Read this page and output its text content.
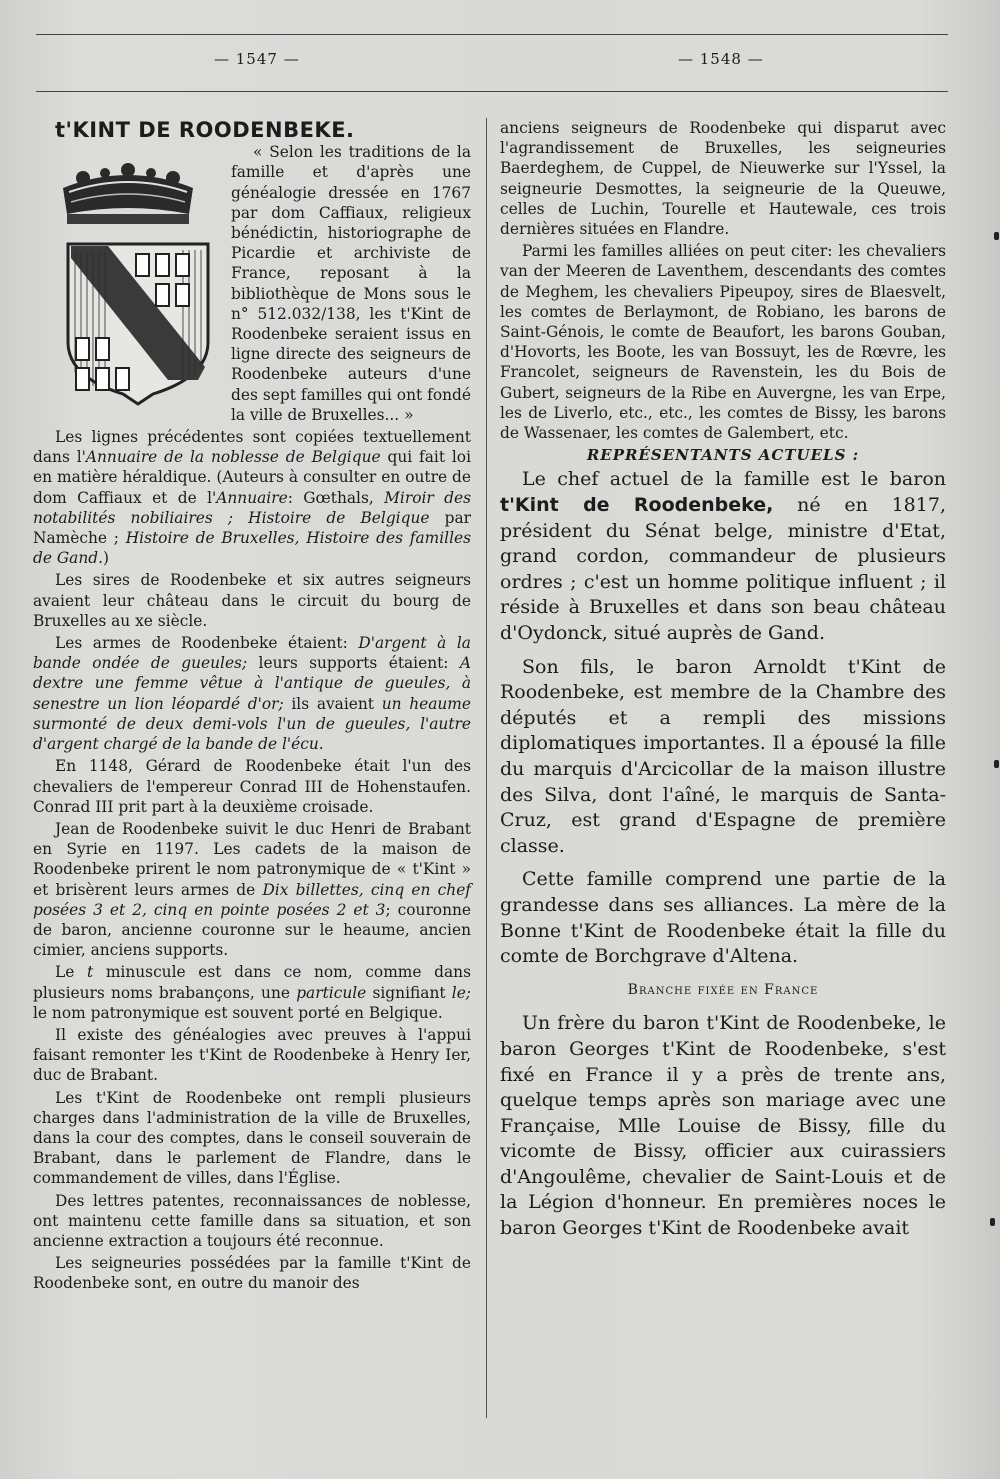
— 1547 —	— 1548 —

t'KINT DE ROODENBEKE.

« Selon les traditions de la famille et d'après une généalogie dressée en 1767 par dom Caffiaux, religieux bénédictin, historiographe de Picardie et archiviste de France, reposant à la bibliothèque de Mons sous le n° 512.032/138, les t'Kint de Roodenbeke seraient issus en ligne directe des seigneurs de Roodenbeke auteurs d'une des sept familles qui ont fondé la ville de Bruxelles... »

Les lignes précédentes sont copiées textuellement dans l'Annuaire de la noblesse de Belgique qui fait loi en matière héraldique. (Auteurs à consulter en outre de dom Caffiaux et de l'Annuaire: Gœthals, Miroir des notabilités nobiliaires ; Histoire de Belgique par Namèche ; Histoire de Bruxelles, Histoire des familles de Gand.)

Les sires de Roodenbeke et six autres seigneurs avaient leur château dans le circuit du bourg de Bruxelles au xe siècle.

Les armes de Roodenbeke étaient: D'argent à la bande ondée de gueules; leurs supports étaient: A dextre une femme vêtue à l'antique de gueules, à senestre un lion léopardé d'or; ils avaient un heaume surmonté de deux demi-vols l'un de gueules, l'autre d'argent chargé de la bande de l'écu.

En 1148, Gérard de Roodenbeke était l'un des chevaliers de l'empereur Conrad III de Hohenstaufen. Conrad III prit part à la deuxième croisade.

Jean de Roodenbeke suivit le duc Henri de Brabant en Syrie en 1197. Les cadets de la maison de Roodenbeke prirent le nom patronymique de « t'Kint » et brisèrent leurs armes de Dix billettes, cinq en chef posées 3 et 2, cinq en pointe posées 2 et 3; couronne de baron, ancienne couronne sur le heaume, ancien cimier, anciens supports.

Le t minuscule est dans ce nom, comme dans plusieurs noms brabançons, une particule signifiant le; le nom patronymique est souvent porté en Belgique.

Il existe des généalogies avec preuves à l'appui faisant remonter les t'Kint de Roodenbeke à Henry Ier, duc de Brabant.

Les t'Kint de Roodenbeke ont rempli plusieurs charges dans l'administration de la ville de Bruxelles, dans la cour des comptes, dans le conseil souverain de Brabant, dans le parlement de Flandre, dans le commandement de villes, dans l'Église.

Des lettres patentes, reconnaissances de noblesse, ont maintenu cette famille dans sa situation, et son ancienne extraction a toujours été reconnue.

Les seigneuries possédées par la famille t'Kint de Roodenbeke sont, en outre du manoir des

anciens seigneurs de Roodenbeke qui disparut avec l'agrandissement de Bruxelles, les seigneuries Baerdeghem, de Cuppel, de Nieuwerke sur l'Yssel, la seigneurie Desmottes, la seigneurie de la Queuwe, celles de Luchin, Tourelle et Hautewale, ces trois dernières situées en Flandre.

Parmi les familles alliées on peut citer: les chevaliers van der Meeren de Laventhem, descendants des comtes de Meghem, les chevaliers Pipeupoy, sires de Blaesvelt, les comtes de Berlaymont, de Robiano, les barons de Saint-Génois, le comte de Beaufort, les barons Gouban, d'Hovorts, les Boote, les van Bossuyt, les de Rœvre, les Francolet, seigneurs de Ravenstein, les du Bois de Gubert, seigneurs de la Ribe en Auvergne, les van Erpe, les de Liverlo, etc., etc., les comtes de Bissy, les barons de Wassenaer, les comtes de Galembert, etc.

REPRÉSENTANTS ACTUELS :

Le chef actuel de la famille est le baron t'Kint de Roodenbeke, né en 1817, président du Sénat belge, ministre d'Etat, grand cordon, commandeur de plusieurs ordres ; c'est un homme politique influent ; il réside à Bruxelles et dans son beau château d'Oydonck, situé auprès de Gand.

Son fils, le baron Arnoldt t'Kint de Roodenbeke, est membre de la Chambre des députés et a rempli des missions diplomatiques importantes. Il a épousé la fille du marquis d'Arcicollar de la maison illustre des Silva, dont l'aîné, le marquis de Santa-Cruz, est grand d'Espagne de première classe.

Cette famille comprend une partie de la grandesse dans ses alliances. La mère de la Bonne t'Kint de Roodenbeke était la fille du comte de Borchgrave d'Altena.

Branche fixée en France

Un frère du baron t'Kint de Roodenbeke, le baron Georges t'Kint de Roodenbeke, s'est fixé en France il y a près de trente ans, quelque temps après son mariage avec une Française, Mlle Louise de Bissy, fille du vicomte de Bissy, officier aux cuirassiers d'Angoulême, chevalier de Saint-Louis et de la Légion d'honneur. En premières noces le baron Georges t'Kint de Roodenbeke avait
